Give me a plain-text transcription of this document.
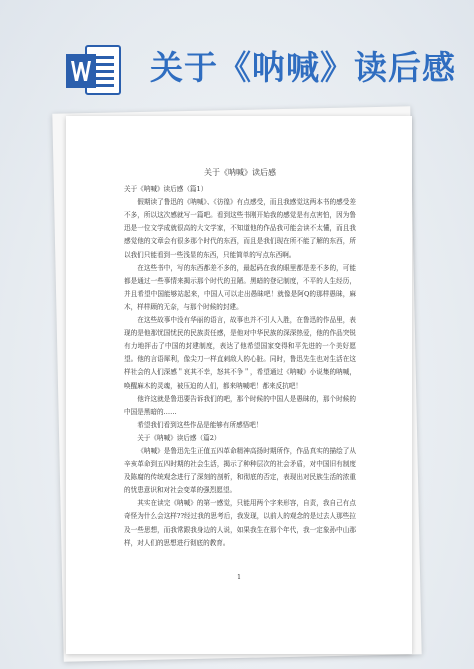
关于《呐喊》读后感

关于《呐喊》读后感

关于《呐喊》读后感（篇1）

假期读了鲁迅的《呐喊》、《彷徨》有点感受，而且我感觉这两本书的感受差不多，所以这次感就写一篇吧。看到这些书刚开始我的感觉是有点害怕，因为鲁迅是一位文学成就很高的大文学家，不知道他的作品我可能会读不太懂，而且我感觉他的文章会有很多那个时代的东西，而且是我们现在所不能了解的东西，所以我们只能看到一些浅显的东西，只能简单的写点东西啊。

在这些书中，写的东西都差不多的，最起码在我的眼里都是差不多的，可能都是通过一些事情来揭示那个时代的丑陋。黑暗的登记制度，不平的人生经历，并且希望中国能够站起来，中国人可以走出愚昧吧！就像是阿Q的那样愚昧，麻木，样样顾的无奈，与那个时候的封建。

在这些故事中没有华丽的语言，故事也并不引人入胜，在鲁迅的作品里，表现的是他那忧国忧民的民族责任感，是他对中华民族的深深热爱，他的作品突锐有力地抨击了中国的封建制度，表达了他希望国家变得和平先进的一个美好愿望。他的言语犀利，像尖刀一样直刺敌人的心脏。同时，鲁迅先生也对生活在这样社会的人们深感＂哀其不幸，怒其不争＂，希望通过《呐喊》小说集的呐喊，唤醒麻木的灵魂，被压迫的人们，都来呐喊吧！都来反抗吧！

他许这就是鲁迅要告诉我们的吧，那个时候的中国人是愚昧的，那个时候的中国是黑暗的……

希望我们看到这些作品是能够有所感悟吧！

关于《呐喊》读后感（篇2）

《呐喊》是鲁迅先生正值五四革命精神高扬时期所作，作品真实的描绘了从辛亥革命到五四时期的社会生活，揭示了种种层次的社会矛盾，对中国旧有制度及陈腐的传统观念进行了深刻的剖析，和彻底的否定，表现出对民族生活的浓重的忧患意识和对社会变革的强烈愿望。

其实在读完《呐喊》的第一感觉，只能用两个字来形容，自责，我自己有点奇怪为什么会这样??经过我的思考后，我发现，以前人的观念的是过去人那些拉及一些思想，而我常跟我身边的人说，如果我生在那个年代，我一定象孙中山那样，对人们的思想进行彻底的教育。

1
